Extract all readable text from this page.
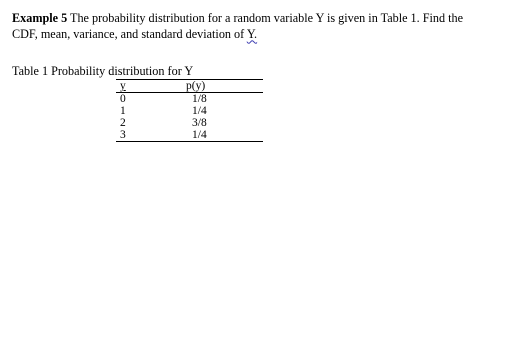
Example 5 The probability distribution for a random variable Y is given in Table 1. Find the
CDF, mean, variance, and standard deviation of Y.
Table 1 Probability distribution for Y
y	p(y)
0	1/8
1	1/4
2	3/8
3	1/4
